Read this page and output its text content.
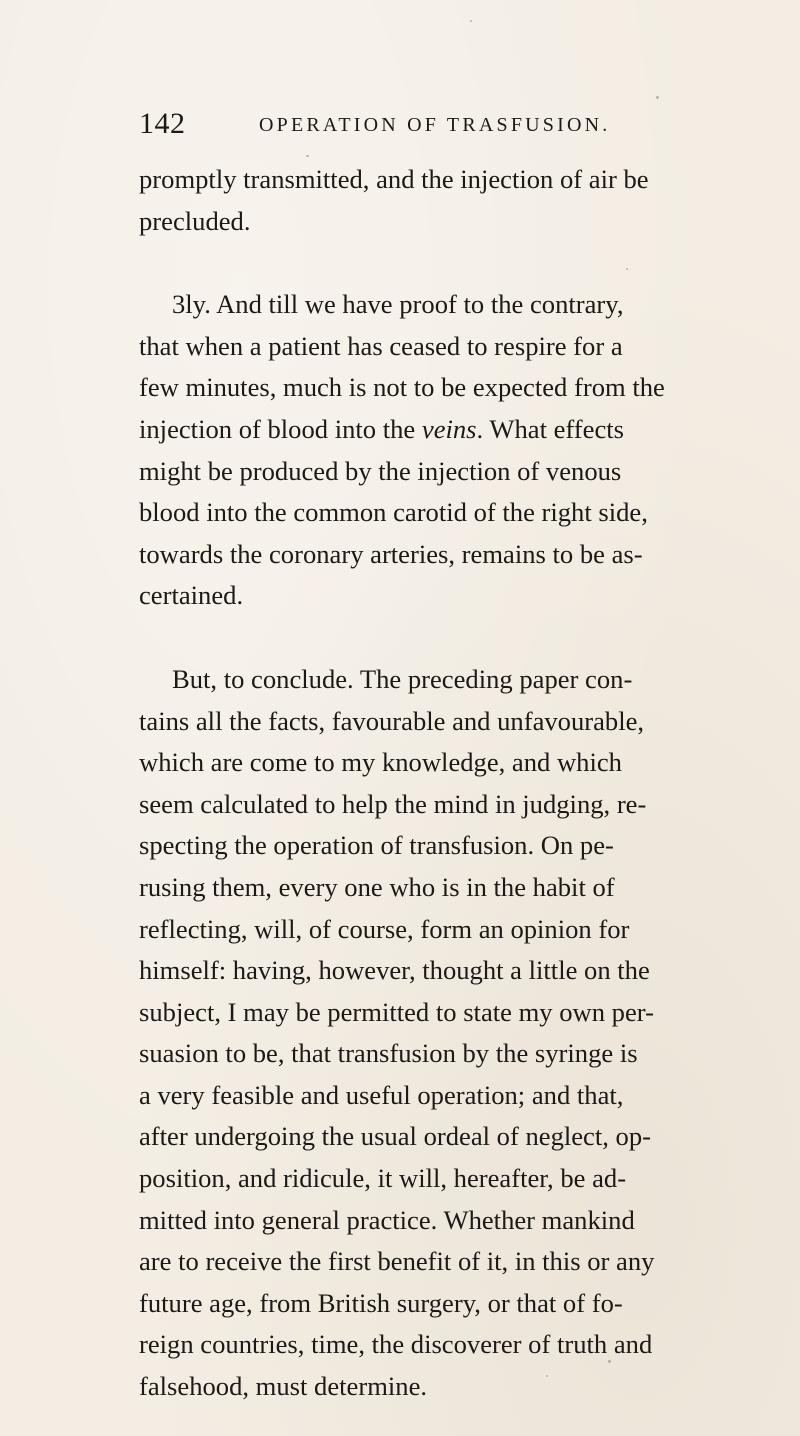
142	OPERATION OF TRASFUSION.

promptly transmitted, and the injection of air be
precluded.

3ly. And till we have proof to the contrary,
that when a patient has ceased to respire for a
few minutes, much is not to be expected from the
injection of blood into the veins. What effects
might be produced by the injection of venous
blood into the common carotid of the right side,
towards the coronary arteries, remains to be as-
certained.

But, to conclude. The preceding paper con-
tains all the facts, favourable and unfavourable,
which are come to my knowledge, and which
seem calculated to help the mind in judging, re-
specting the operation of transfusion. On pe-
rusing them, every one who is in the habit of
reflecting, will, of course, form an opinion for
himself: having, however, thought a little on the
subject, I may be permitted to state my own per-
suasion to be, that transfusion by the syringe is
a very feasible and useful operation; and that,
after undergoing the usual ordeal of neglect, op-
position, and ridicule, it will, hereafter, be ad-
mitted into general practice. Whether mankind
are to receive the first benefit of it, in this or any
future age, from British surgery, or that of fo-
reign countries, time, the discoverer of truth and
falsehood, must determine.
